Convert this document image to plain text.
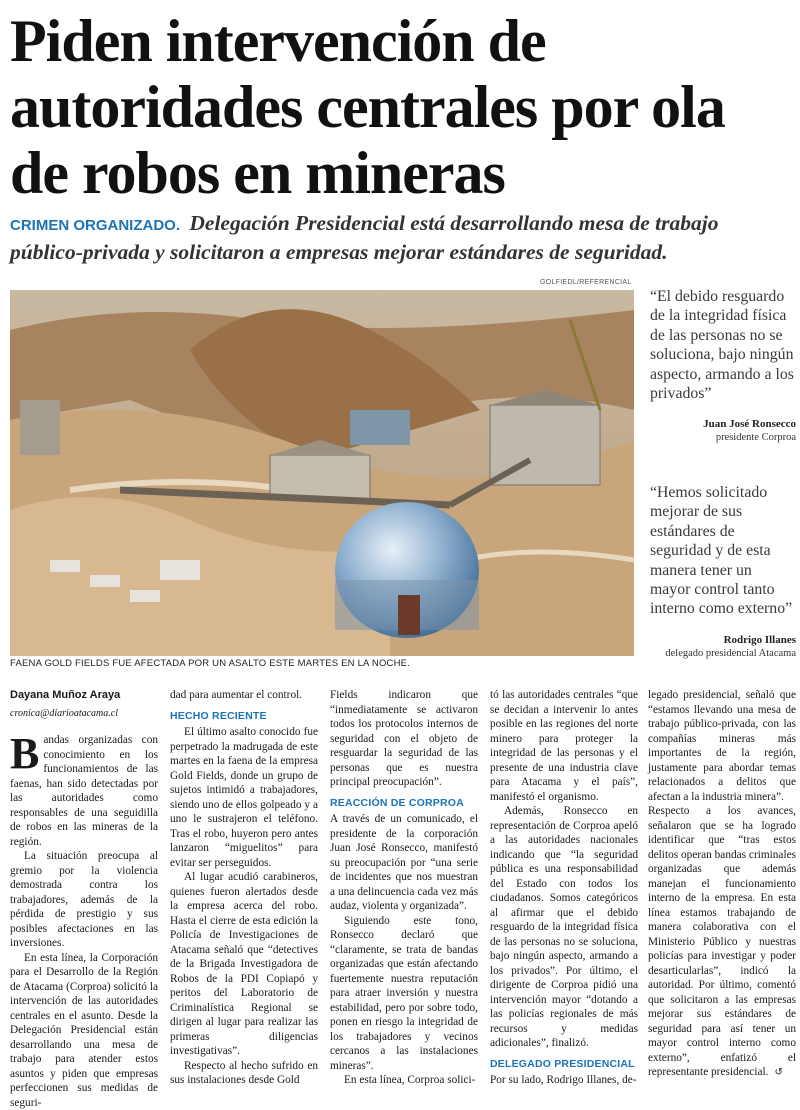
Piden intervención de autoridades centrales por ola de robos en mineras
CRIMEN ORGANIZADO. Delegación Presidencial está desarrollando mesa de trabajo público-privada y solicitaron a empresas mejorar estándares de seguridad.
GOLFIEDL/REFERENCIAL
FAENA GOLD FIELDS FUE AFECTADA POR UN ASALTO ESTE MARTES EN LA NOCHE.
“El debido resguardo de la integridad física de las personas no se soluciona, bajo ningún aspecto, armando a los privados”
Juan José Ronsecco
presidente Corproa
“Hemos solicitado mejorar de sus estándares de seguridad y de esta manera tener un mayor control tanto interno como externo”
Rodrigo Illanes
delegado presidencial Atacama
Dayana Muñoz Araya
cronica@diarioatacama.cl

Bandas organizadas con conocimiento en los funcionamientos de las faenas, han sido detectadas por las autoridades como responsables de una seguidilla de robos en las mineras de la región.

La situación preocupa al gremio por la violencia demostrada contra los trabajadores, además de la pérdida de prestigio y sus posibles afectaciones en las inversiones.

En esta línea, la Corporación para el Desarrollo de la Región de Atacama (Corproa) solicitó la intervención de las autoridades centrales en el asunto. Desde la Delegación Presidencial están desarrollando una mesa de trabajo para atender estos asuntos y piden que empresas perfeccionen sus medidas de seguri-

dad para aumentar el control.

HECHO RECIENTE

El último asalto conocido fue perpetrado la madrugada de este martes en la faena de la empresa Gold Fields, donde un grupo de sujetos intimidó a trabajadores, siendo uno de ellos golpeado y a uno le sustrajeron el teléfono. Tras el robo, huyeron pero antes lanzaron “miguelitos” para evitar ser perseguidos.

Al lugar acudió carabineros, quienes fueron alertados desde la empresa acerca del robo. Hasta el cierre de esta edición la Policía de Investigaciones de Atacama señaló que “detectives de la Brigada Investigadora de Robos de la PDI Copiapó y peritos del Laboratorio de Criminalística Regional se dirigen al lugar para realizar las primeras diligencias investigativas”.

Respecto al hecho sufrido en sus instalaciones desde Gold

Fields indicaron que “inmediatamente se activaron todos los protocolos internos de seguridad con el objeto de resguardar la seguridad de las personas que es nuestra principal preocupación”.

REACCIÓN DE CORPROA

A través de un comunicado, el presidente de la corporación Juan José Ronsecco, manifestó su preocupación por “una serie de incidentes que nos muestran a una delincuencia cada vez más audaz, violenta y organizada”.

Siguiendo este tono, Ronsecco declaró que “claramente, se trata de bandas organizadas que están afectando fuertemente nuestra reputación para atraer inversión y nuestra estabilidad, pero por sobre todo, ponen en riesgo la integridad de los trabajadores y vecinos cercanos a las instalaciones mineras”.

En esta línea, Corproa solici-

tó las autoridades centrales “que se decidan a intervenir lo antes posible en las regiones del norte minero para proteger la integridad de las personas y el presente de una industria clave para Atacama y el país”, manifestó el organismo.

Además, Ronsecco en representación de Corproa apeló a las autoridades nacionales indicando que “la seguridad pública es una responsabilidad del Estado con todos los ciudadanos. Somos categóricos al afirmar que el debido resguardo de la integridad física de las personas no se soluciona, bajo ningún aspecto, armando a los privados”. Por último, el dirigente de Corproa pidió una intervención mayor “dotando a las policías regionales de más recursos y medidas adicionales”, finalizó.

DELEGADO PRESIDENCIAL

Por su lado, Rodrigo Illanes, de-

legado presidencial, señaló que “estamos llevando una mesa de trabajo público-privada, con las compañías mineras más importantes de la región, justamente para abordar temas relacionados a delitos que afectan a la industria minera”.

Respecto a los avances, señalaron que se ha logrado identificar que “tras estos delitos operan bandas criminales organizadas que además manejan el funcionamiento interno de la empresa. En esta línea estamos trabajando de manera colaborativa con el Ministerio Público y nuestras policías para investigar y poder desarticularlas”, indicó la autoridad. Por último, comentó que solicitaron a las empresas mejorar sus estándares de seguridad para así tener un mayor control interno como externo”, enfatizó el representante presidencial. ↺
